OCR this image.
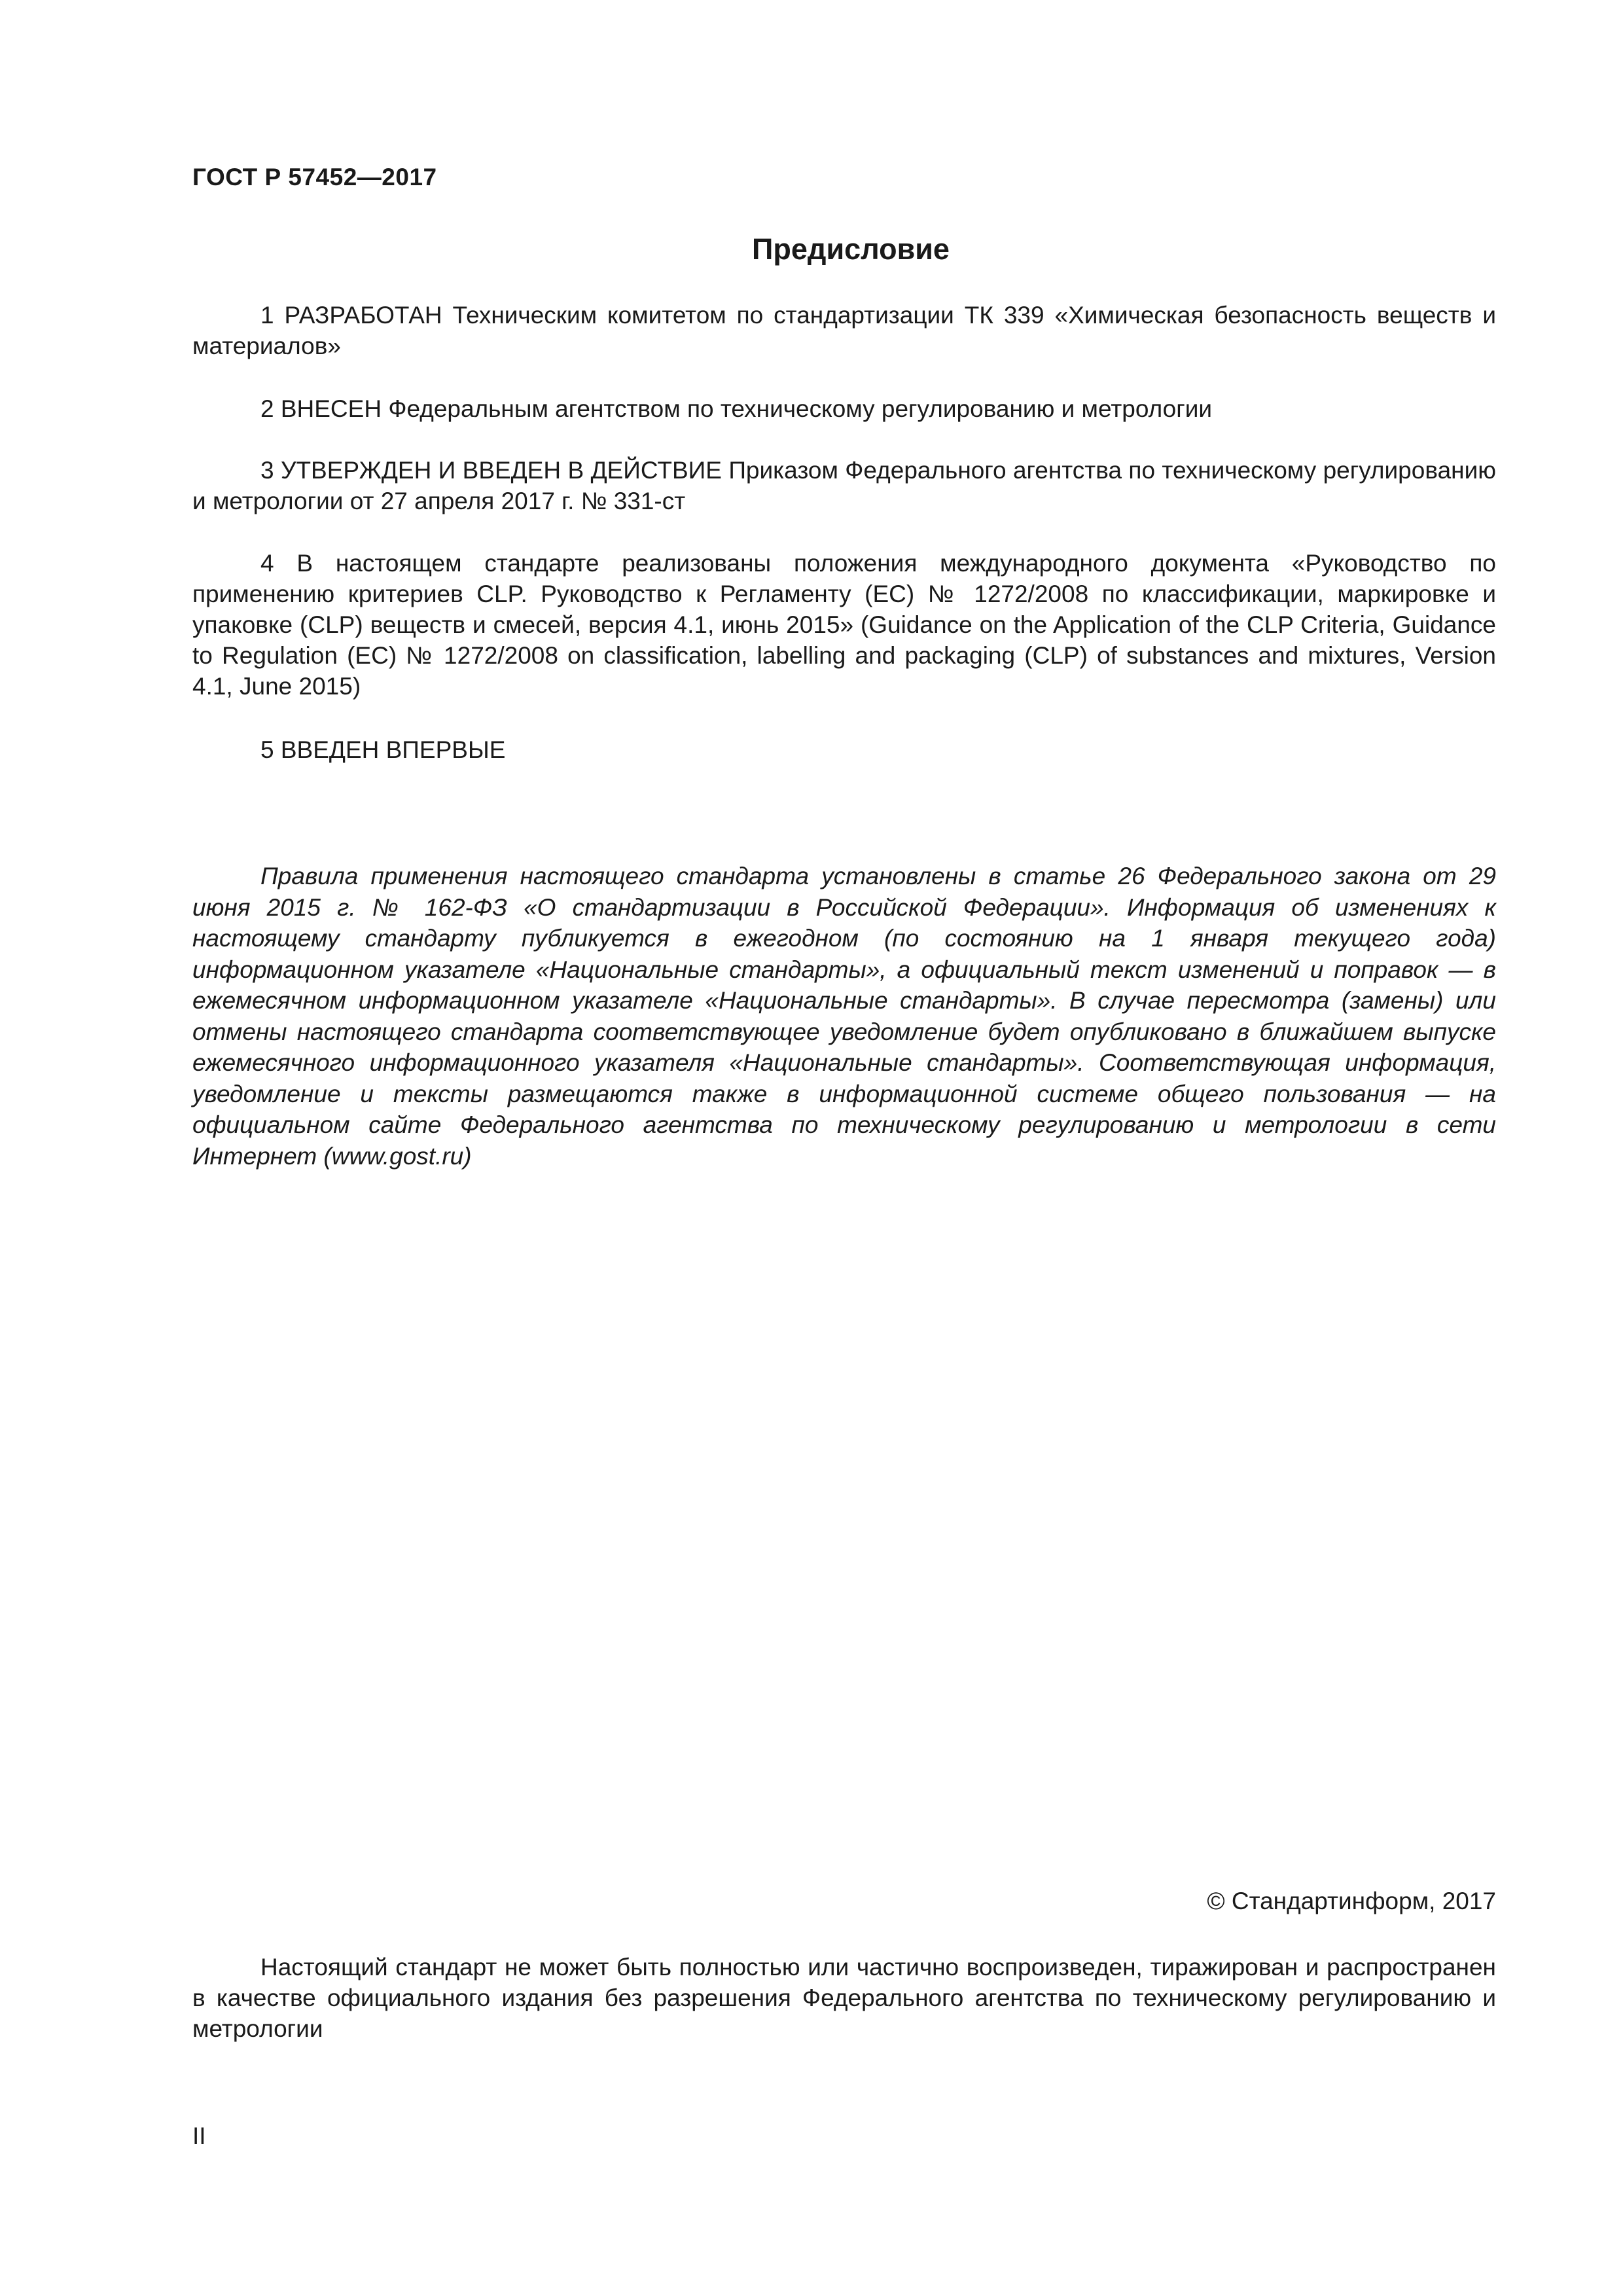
ГОСТ Р 57452—2017

Предисловие

1 РАЗРАБОТАН Техническим комитетом по стандартизации ТК 339 «Химическая безопасность веществ и материалов»

2 ВНЕСЕН Федеральным агентством по техническому регулированию и метрологии

3 УТВЕРЖДЕН И ВВЕДЕН В ДЕЙСТВИЕ Приказом Федерального агентства по техническому регулированию и метрологии от 27 апреля 2017 г. № 331-ст

4 В настоящем стандарте реализованы положения международного документа «Руководство по применению критериев CLP. Руководство к Регламенту (ЕС) № 1272/2008 по классификации, маркировке и упаковке (CLP) веществ и смесей, версия 4.1, июнь 2015» (Guidance on the Application of the CLP Criteria, Guidance to Regulation (EC) № 1272/2008 on classification, labelling and packaging (CLP) of substances and mixtures, Version 4.1, June 2015)

5 ВВЕДЕН ВПЕРВЫЕ

Правила применения настоящего стандарта установлены в статье 26 Федерального закона от 29 июня 2015 г. № 162-ФЗ «О стандартизации в Российской Федерации». Информация об изменениях к настоящему стандарту публикуется в ежегодном (по состоянию на 1 января текущего года) информационном указателе «Национальные стандарты», а официальный текст изменений и поправок — в ежемесячном информационном указателе «Национальные стандарты». В случае пересмотра (замены) или отмены настоящего стандарта соответствующее уведомление будет опубликовано в ближайшем выпуске ежемесячного информационного указателя «Национальные стандарты». Соответствующая информация, уведомление и тексты размещаются также в информационной системе общего пользования — на официальном сайте Федерального агентства по техническому регулированию и метрологии в сети Интернет (www.gost.ru)

© Стандартинформ, 2017

Настоящий стандарт не может быть полностью или частично воспроизведен, тиражирован и распространен в качестве официального издания без разрешения Федерального агентства по техническому регулированию и метрологии

II
